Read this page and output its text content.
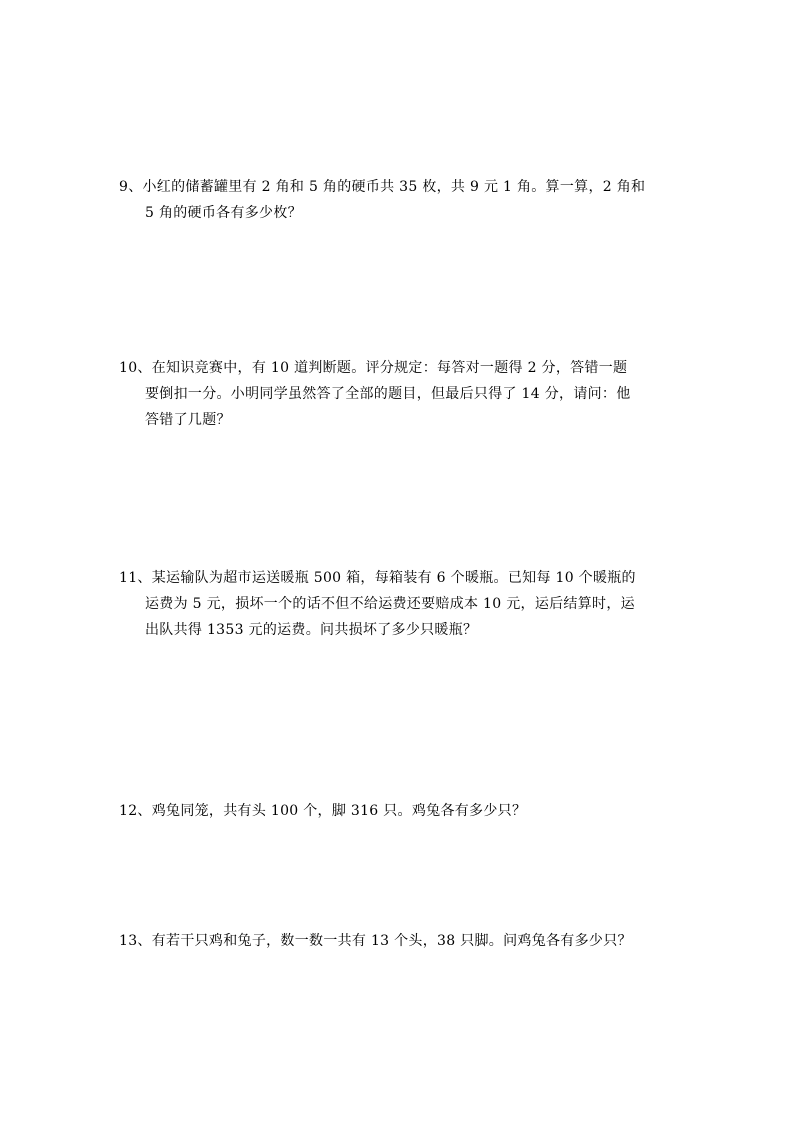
9、小红的储蓄罐里有 2 角和 5 角的硬币共 35 枚，共 9 元 1 角。算一算，2 角和
5 角的硬币各有多少枚？
10、在知识竞赛中，有 10 道判断题。评分规定：每答对一题得 2 分，答错一题
要倒扣一分。小明同学虽然答了全部的题目，但最后只得了 14 分，请问：他
答错了几题？
11、某运输队为超市运送暖瓶 500 箱，每箱装有 6 个暖瓶。已知每 10 个暖瓶的
运费为 5 元，损坏一个的话不但不给运费还要赔成本 10 元，运后结算时，运
出队共得 1353 元的运费。问共损坏了多少只暖瓶？
12、鸡兔同笼，共有头 100 个，脚 316 只。鸡兔各有多少只？
13、有若干只鸡和兔子，数一数一共有 13 个头，38 只脚。问鸡兔各有多少只？
